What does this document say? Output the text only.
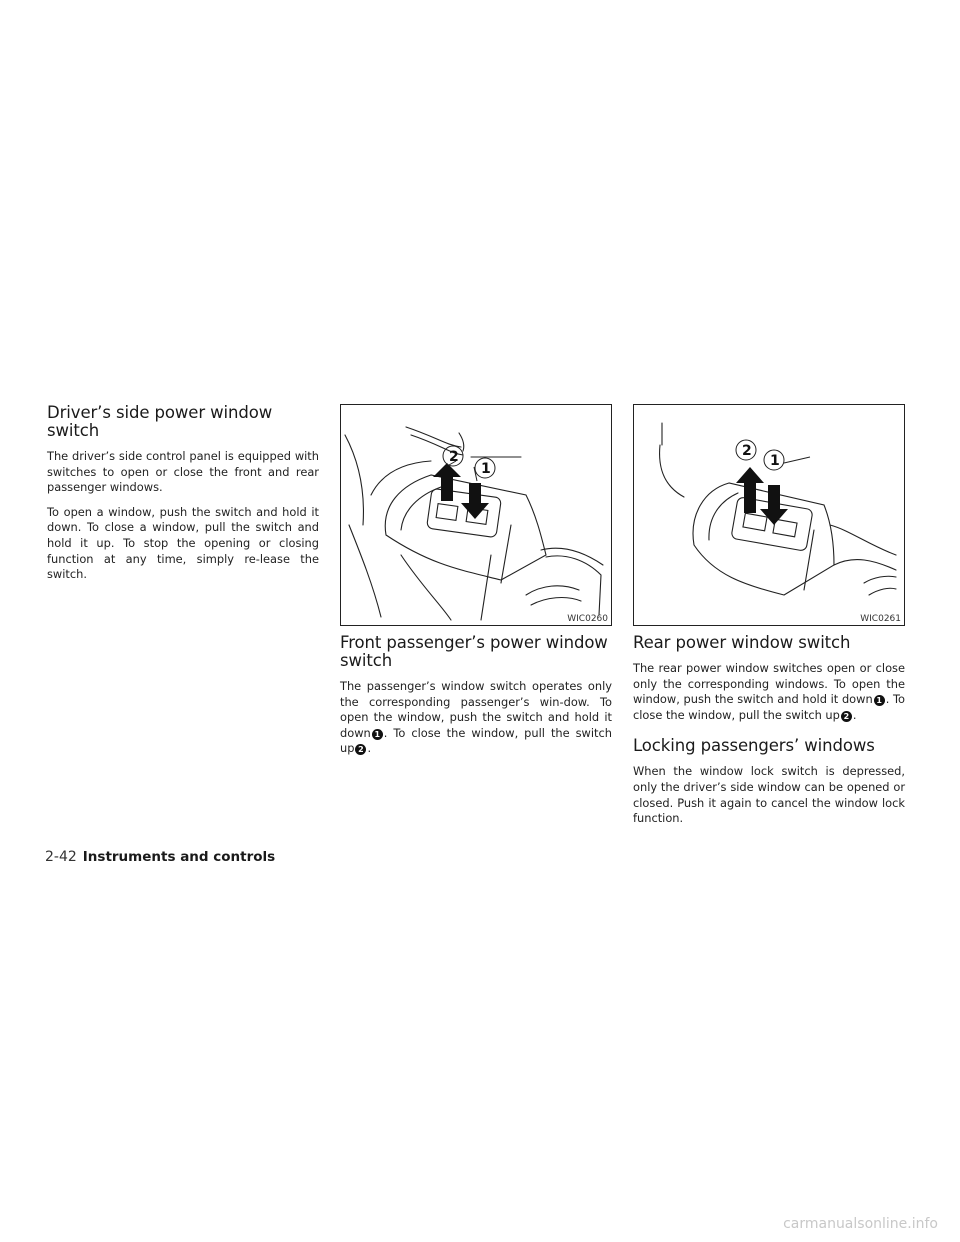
Driver’s side power window switch

The driver’s side control panel is equipped with switches to open or close the front and rear passenger windows.

To open a window, push the switch and hold it down. To close a window, pull the switch and hold it up. To stop the opening or closing function at any time, simply re-lease the switch.

2
1
WIC0260
Front passenger’s power window switch

The passenger’s window switch operates only the corresponding passenger’s win-dow. To open the window, push the switch and hold it down 1 . To close the window, pull the switch up 2 .

2
1
WIC0261
Rear power window switch

The rear power window switches open or close only the corresponding windows. To open the window, push the switch and hold it down 1 . To close the window, pull the switch up 2 .

Locking passengers’ windows

When the window lock switch is depressed, only the driver’s side window can be opened or closed. Push it again to cancel the window lock function.

2-42 Instruments and controls
carmanualsonline.info
